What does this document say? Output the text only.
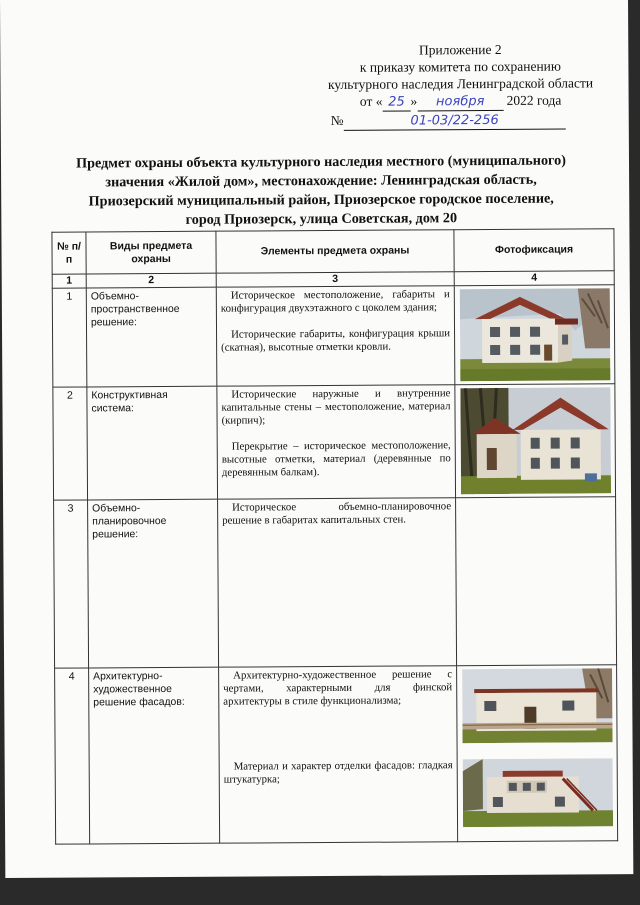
Приложение 2
к приказу комитета по сохранению
культурного наследия Ленинградской области
от « 25 » ноября 2022 года
№	01-03/22-256
Предмет охраны объекта культурного наследия местного (муниципального)
значения «Жилой дом», местонахождение: Ленинградская область,
Приозерский муниципальный район, Приозерское городское поселение,
город Приозерск, улица Советская, дом 20
№ п/п	Виды предмета охраны	Элементы предмета охраны	Фотофиксация
1	2	3	4
1	Объемно-пространственное решение:	Историческое местоположение, габариты и конфигурация двухэтажного с цоколем здания;

Исторические габариты, конфигурация крыши (скатная), высотные отметки кровли.

2	Конструктивная система:	Исторические наружные и внутренние капитальные стены – местоположение, материал (кирпич);

Перекрытие – историческое местоположение, высотные отметки, материал (деревянные по деревянным балкам).

3	Объемно-планировочное решение:	Историческое объемно-планировочное решение в габаритах капитальных стен.	

4	Архитектурно-художественное решение фасадов:	Архитектурно-художественное решение с чертами, характерными для финской архитектуры в стиле функционализма;

Материал и характер отделки фасадов: гладкая штукатурка;
